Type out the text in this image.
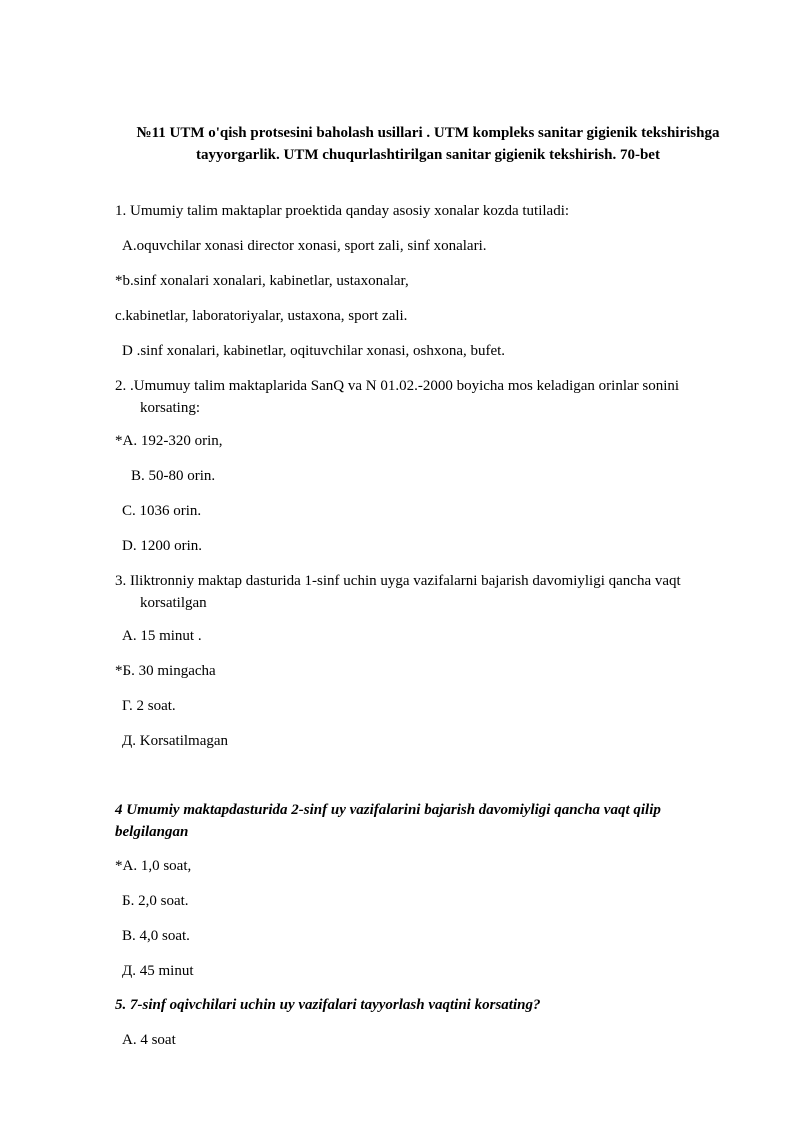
№11 UTM o'qish protsesini baholash usillari . UTM kompleks sanitar gigienik tekshirishga tayyorgarlik. UTM chuqurlashtirilgan sanitar gigienik tekshirish. 70-bet
1. Umumiy talim maktaplar proektida qanday asosiy xonalar kozda tutiladi:
A.oquvchilar xonasi director xonasi, sport zali, sinf xonalari.
*b.sinf xonalari xonalari, kabinetlar, ustaxonalar,
c.kabinetlar, laboratoriyalar, ustaxona, sport zali.
D .sinf xonalari, kabinetlar, oqituvchilar xonasi, oshxona, bufet.
2. .Umumuy talim maktaplarida SanQ va N 01.02.-2000 boyicha mos keladigan orinlar sonini
korsating:
*A. 192-320 orin,
B. 50-80 orin.
C. 1036 orin.
D. 1200 orin.
3. Iliktronniy maktap dasturida 1-sinf uchin uyga vazifalarni bajarish davomiyligi qancha vaqt
korsatilgan
A. 15 minut .
*Б. 30 mingacha
Г. 2 soat.
Д. Korsatilmagan
4 Umumiy maktapdasturida 2-sinf uy vazifalarini bajarish davomiyligi qancha vaqt qilip
belgilangan
*A. 1,0 soat,
Б. 2,0 soat.
В. 4,0 soat.
Д. 45 minut
5. 7-sinf oqivchilari uchin uy vazifalari tayyorlash vaqtini korsating?
A. 4 soat
